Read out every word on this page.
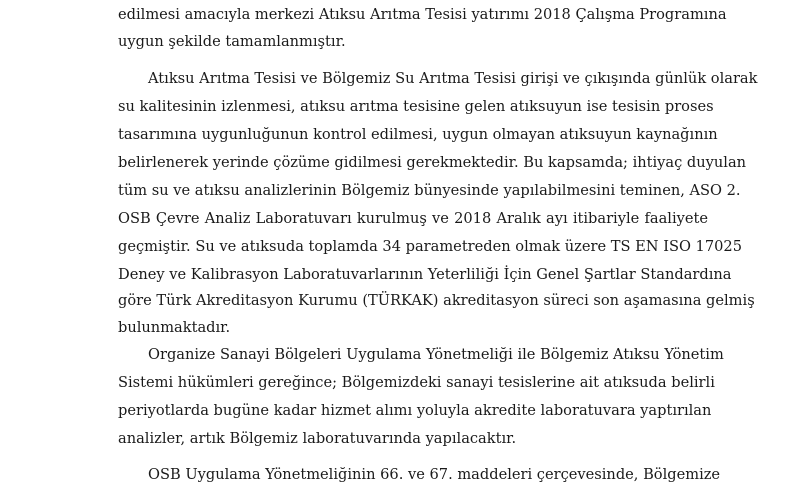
edilmesi amacıyla merkezi Atıksu Arıtma Tesisi yatırımı 2018 Çalışma Programına
uygun şekilde tamamlanmıştır.
Atıksu Arıtma Tesisi ve Bölgemiz Su Arıtma Tesisi girişi ve çıkışında günlük olarak
su kalitesinin izlenmesi, atıksu arıtma tesisine gelen atıksuyun ise tesisin proses
tasarımına uygunluğunun kontrol edilmesi, uygun olmayan atıksuyun kaynağının
belirlenerek yerinde çözüme gidilmesi gerekmektedir. Bu kapsamda; ihtiyaç duyulan
tüm su ve atıksu analizlerinin Bölgemiz bünyesinde yapılabilmesini teminen, ASO 2.
OSB Çevre Analiz Laboratuvarı kurulmuş ve 2018 Aralık ayı itibariyle faaliyete
geçmiştir. Su ve atıksuda toplamda 34 parametreden olmak üzere TS EN ISO 17025
Deney ve Kalibrasyon Laboratuvarlarının Yeterliliği İçin Genel Şartlar Standardına
göre Türk Akreditasyon Kurumu (TÜRKAK) akreditasyon süreci son aşamasına gelmiş
bulunmaktadır.
Organize Sanayi Bölgeleri Uygulama Yönetmeliği ile Bölgemiz Atıksu Yönetim
Sistemi hükümleri gereğince; Bölgemizdeki sanayi tesislerine ait atıksuda belirli
periyotlarda bugüne kadar hizmet alımı yoluyla akredite laboratuvara yaptırılan
analizler, artık Bölgemiz laboratuvarında yapılacaktır.
OSB Uygulama Yönetmeliğinin 66. ve 67. maddeleri çerçevesinde, Bölgemize
